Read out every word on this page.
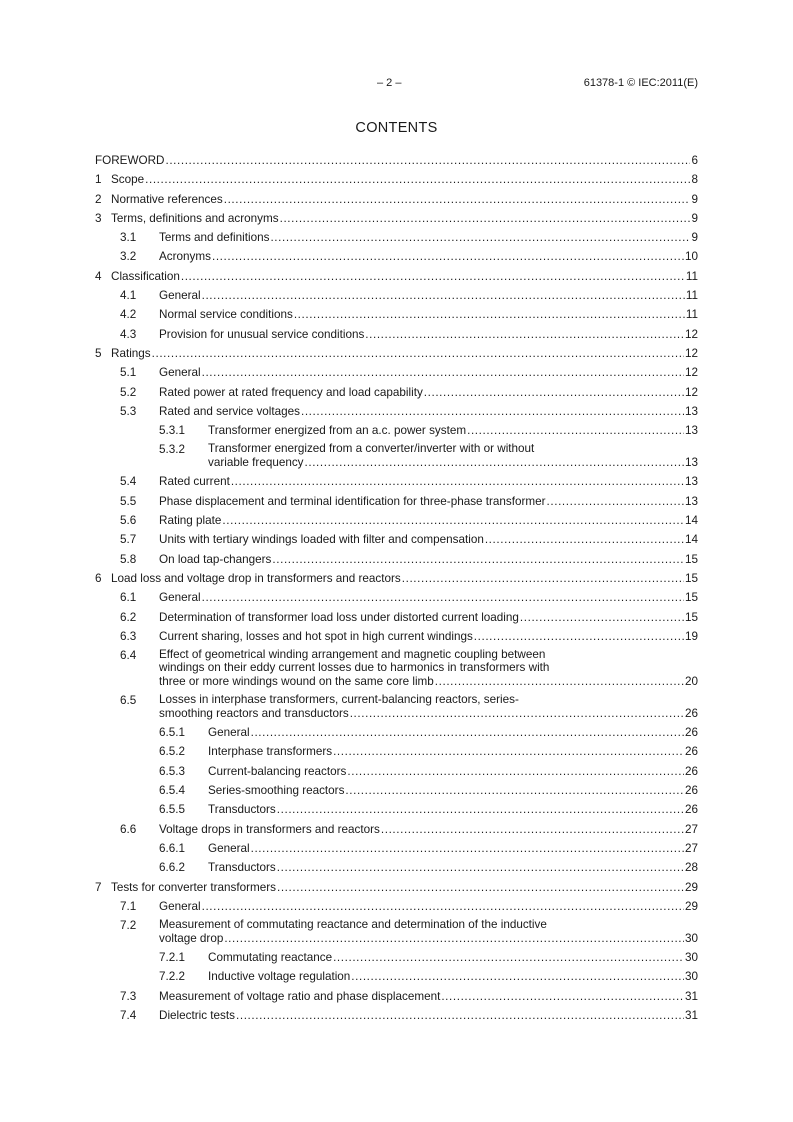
– 2 –	61378-1 © IEC:2011(E)
CONTENTS
FOREWORD .....	6
1 Scope .....	8
2 Normative references .....	9
3 Terms, definitions and acronyms .....	9
3.1 Terms and definitions .....	9
3.2 Acronyms .....	10
4 Classification .....	11
4.1 General .....	11
4.2 Normal service conditions .....	11
4.3 Provision for unusual service conditions .....	12
5 Ratings .....	12
5.1 General .....	12
5.2 Rated power at rated frequency and load capability .....	12
5.3 Rated and service voltages .....	13
5.3.1 Transformer energized from an a.c. power system .....	13
5.3.2 Transformer energized from a converter/inverter with or without
variable frequency .....	13
5.4 Rated current .....	13
5.5 Phase displacement and terminal identification for three-phase transformer .....	13
5.6 Rating plate .....	14
5.7 Units with tertiary windings loaded with filter and compensation .....	14
5.8 On load tap-changers .....	15
6 Load loss and voltage drop in transformers and reactors .....	15
6.1 General .....	15
6.2 Determination of transformer load loss under distorted current loading .....	15
6.3 Current sharing, losses and hot spot in high current windings .....	19
6.4 Effect of geometrical winding arrangement and magnetic coupling between
windings on their eddy current losses due to harmonics in transformers with
three or more windings wound on the same core limb .....	20
6.5 Losses in interphase transformers, current-balancing reactors, series-
smoothing reactors and transductors .....	26
6.5.1 General .....	26
6.5.2 Interphase transformers .....	26
6.5.3 Current-balancing reactors .....	26
6.5.4 Series-smoothing reactors .....	26
6.5.5 Transductors .....	26
6.6 Voltage drops in transformers and reactors .....	27
6.6.1 General .....	27
6.6.2 Transductors .....	28
7 Tests for converter transformers .....	29
7.1 General .....	29
7.2 Measurement of commutating reactance and determination of the inductive
voltage drop .....	30
7.2.1 Commutating reactance .....	30
7.2.2 Inductive voltage regulation .....	30
7.3 Measurement of voltage ratio and phase displacement .....	31
7.4 Dielectric tests .....	31
